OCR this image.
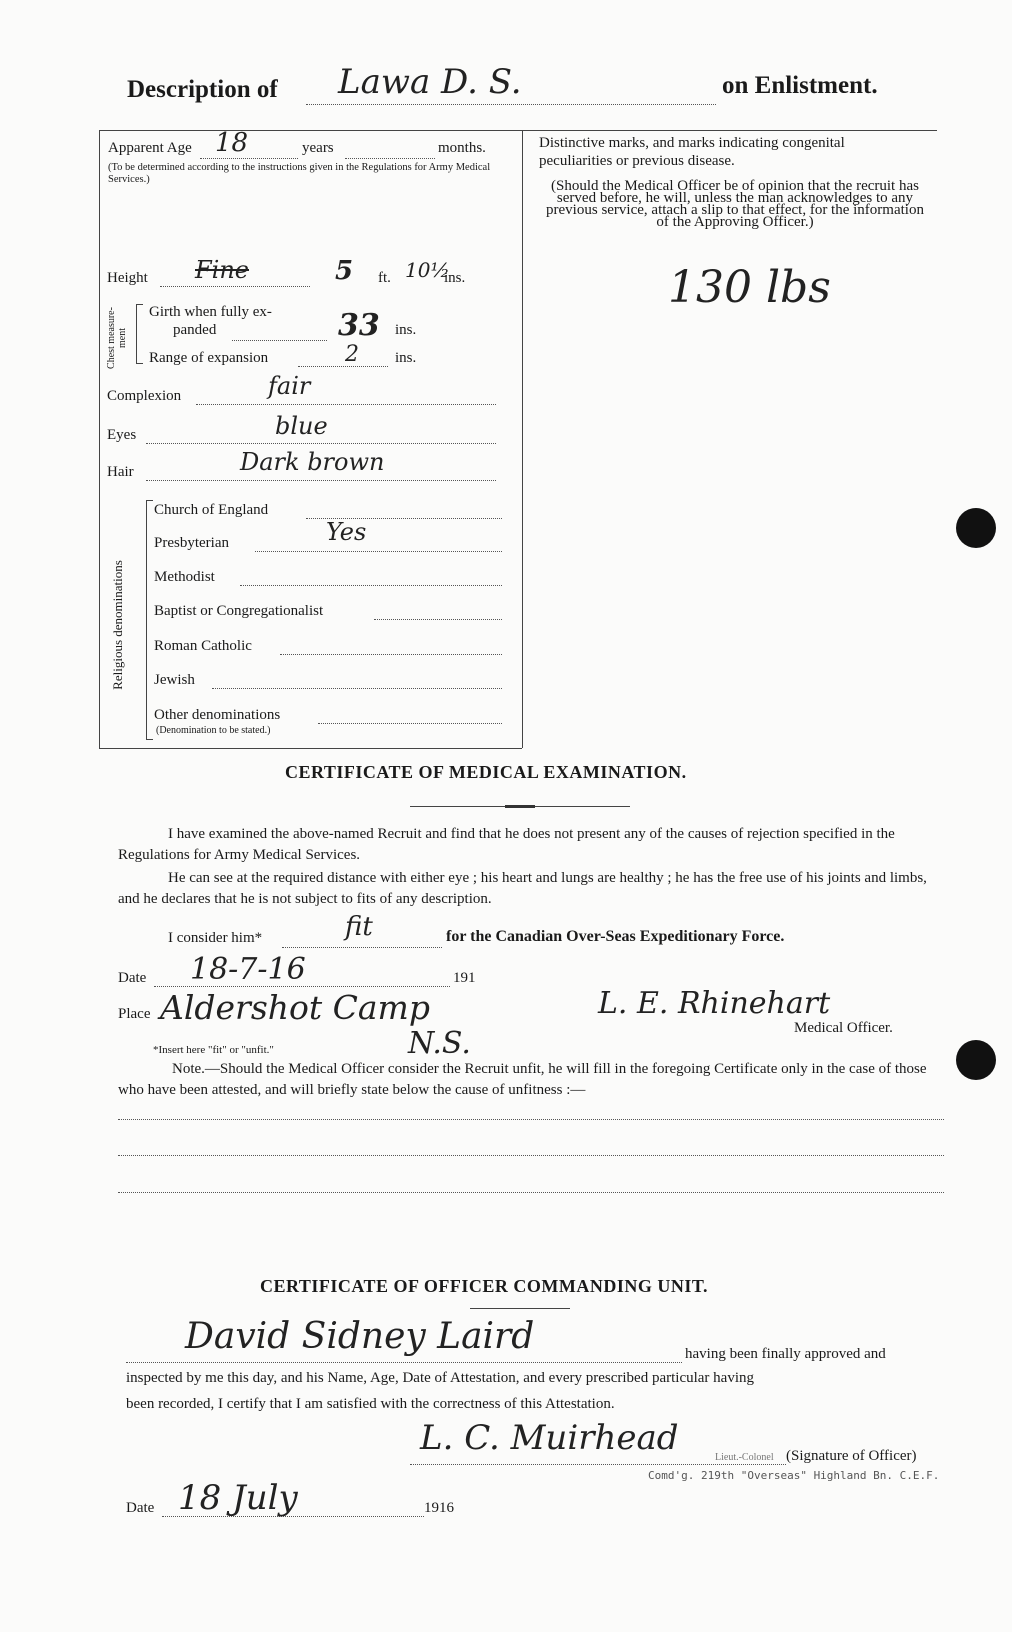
Description of Lawa D. S.	on Enlistment.
Apparent Age 18	years	months.
(To be determined according to the instructions given in the Regulations for Army Medical Services.)
Height Fine	5 ft. 10½
ins.
Chest measure-ment
Girth when fully ex-
panded	33 ins.
Range of expansion	2 ins.
Complexion	fair
Eyes	blue
Hair	Dark brown
Religious denominations
Church of England
Presbyterian	Yes
Methodist
Baptist or Congregationalist
Roman Catholic
Jewish
Other denominations
(Denomination to be stated.)
Distinctive marks, and marks indicating congenital
peculiarities or previous disease.
(Should the Medical Officer be of opinion that the recruit has served before, he will, unless the man acknowledges to any previous service, attach a slip to that effect, for the information of the Approving Officer.)
130 lbs
CERTIFICATE OF MEDICAL EXAMINATION.
I have examined the above-named Recruit and find that he does not present any of the causes of rejection specified in the Regulations for Army Medical Services.
He can see at the required distance with either eye ; his heart and lungs are healthy ; he has the free use of his joints and limbs, and he declares that he is not subject to fits of any description.
I consider him*	fit	for the Canadian Over-Seas Expeditionary Force.
Date 18-7-16	191
Place Aldershot Camp
N.S.
L. E. Rhinehart
Medical Officer.
*Insert here "fit" or "unfit."
Note.—Should the Medical Officer consider the Recruit unfit, he will fill in the foregoing Certificate only in the case of those who have been attested, and will briefly state below the cause of unfitness :—
CERTIFICATE OF OFFICER COMMANDING UNIT.
David Sidney Laird	having been finally approved and
inspected by me this day, and his Name, Age, Date of Attestation, and every prescribed particular having
been recorded, I certify that I am satisfied with the correctness of this Attestation.
L. C. Muirhead	Lieut.-Colonel (Signature of Officer)
Comd'g. 219th "Overseas" Highland Bn. C.E.F.
Date 18 July	1916
